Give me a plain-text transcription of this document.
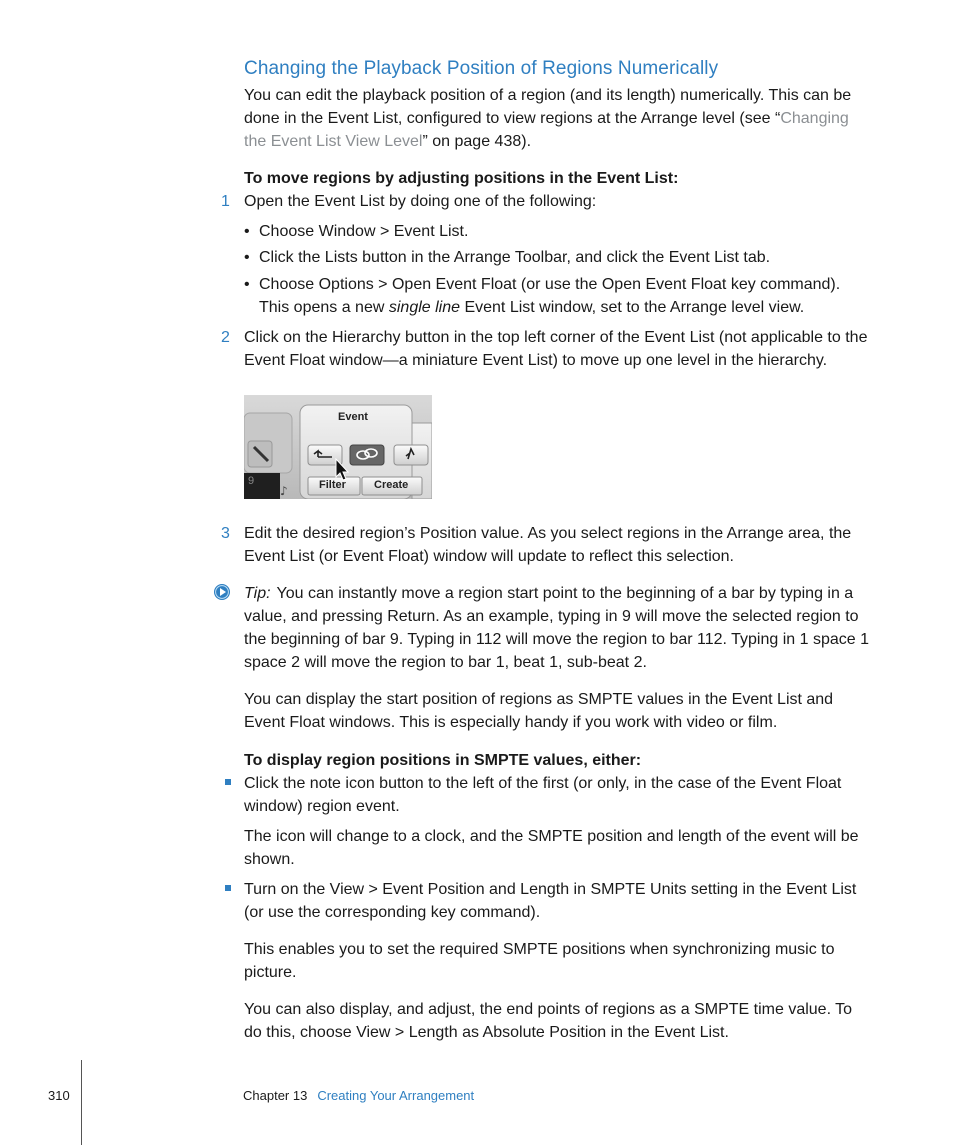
Changing the Playback Position of Regions Numerically
You can edit the playback position of a region (and its length) numerically. This can be done in the Event List, configured to view regions at the Arrange level (see “Changing the Event List View Level” on page 438).
To move regions by adjusting positions in the Event List:
1 Open the Event List by doing one of the following:
• Choose Window > Event List.
• Click the Lists button in the Arrange Toolbar, and click the Event List tab.
• Choose Options > Open Event Float (or use the Open Event Float key command). This opens a new single line Event List window, set to the Arrange level view.
2 Click on the Hierarchy button in the top left corner of the Event List (not applicable to the Event Float window—a miniature Event List) to move up one level in the hierarchy.
♪
Event
Filter	Create
9
3 Edit the desired region’s Position value. As you select regions in the Arrange area, the Event List (or Event Float) window will update to reflect this selection.
Tip: You can instantly move a region start point to the beginning of a bar by typing in a value, and pressing Return. As an example, typing in 9 will move the selected region to the beginning of bar 9. Typing in 112 will move the region to bar 112. Typing in 1 space 1 space 2 will move the region to bar 1, beat 1, sub-beat 2.
You can display the start position of regions as SMPTE values in the Event List and Event Float windows. This is especially handy if you work with video or film.
To display region positions in SMPTE values, either:
Click the note icon button to the left of the first (or only, in the case of the Event Float window) region event.
The icon will change to a clock, and the SMPTE position and length of the event will be shown.
Turn on the View > Event Position and Length in SMPTE Units setting in the Event List (or use the corresponding key command).
This enables you to set the required SMPTE positions when synchronizing music to picture.
You can also display, and adjust, the end points of regions as a SMPTE time value. To do this, choose View > Length as Absolute Position in the Event List.
310	Chapter 13 Creating Your Arrangement
